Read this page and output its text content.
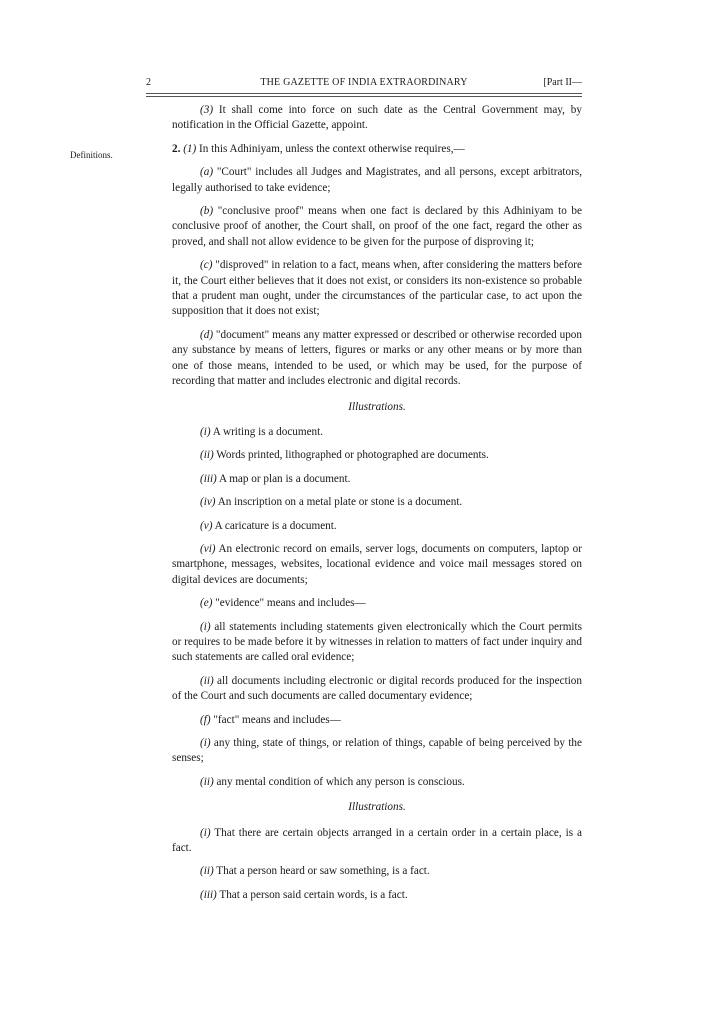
2	THE GAZETTE OF INDIA EXTRAORDINARY	[Part II—
Definitions.

(3) It shall come into force on such date as the Central Government may, by notification in the Official Gazette, appoint.

2. (1) In this Adhiniyam, unless the context otherwise requires,—

(a) "Court" includes all Judges and Magistrates, and all persons, except arbitrators, legally authorised to take evidence;

(b) "conclusive proof" means when one fact is declared by this Adhiniyam to be conclusive proof of another, the Court shall, on proof of the one fact, regard the other as proved, and shall not allow evidence to be given for the purpose of disproving it;

(c) "disproved" in relation to a fact, means when, after considering the matters before it, the Court either believes that it does not exist, or considers its non-existence so probable that a prudent man ought, under the circumstances of the particular case, to act upon the supposition that it does not exist;

(d) "document" means any matter expressed or described or otherwise recorded upon any substance by means of letters, figures or marks or any other means or by more than one of those means, intended to be used, or which may be used, for the purpose of recording that matter and includes electronic and digital records.

Illustrations.

(i) A writing is a document.

(ii) Words printed, lithographed or photographed are documents.

(iii) A map or plan is a document.

(iv) An inscription on a metal plate or stone is a document.

(v) A caricature is a document.

(vi) An electronic record on emails, server logs, documents on computers, laptop or smartphone, messages, websites, locational evidence and voice mail messages stored on digital devices are documents;

(e) "evidence" means and includes—

(i) all statements including statements given electronically which the Court permits or requires to be made before it by witnesses in relation to matters of fact under inquiry and such statements are called oral evidence;

(ii) all documents including electronic or digital records produced for the inspection of the Court and such documents are called documentary evidence;

(f) "fact" means and includes—

(i) any thing, state of things, or relation of things, capable of being perceived by the senses;

(ii) any mental condition of which any person is conscious.

Illustrations.

(i) That there are certain objects arranged in a certain order in a certain place, is a fact.

(ii) That a person heard or saw something, is a fact.

(iii) That a person said certain words, is a fact.
